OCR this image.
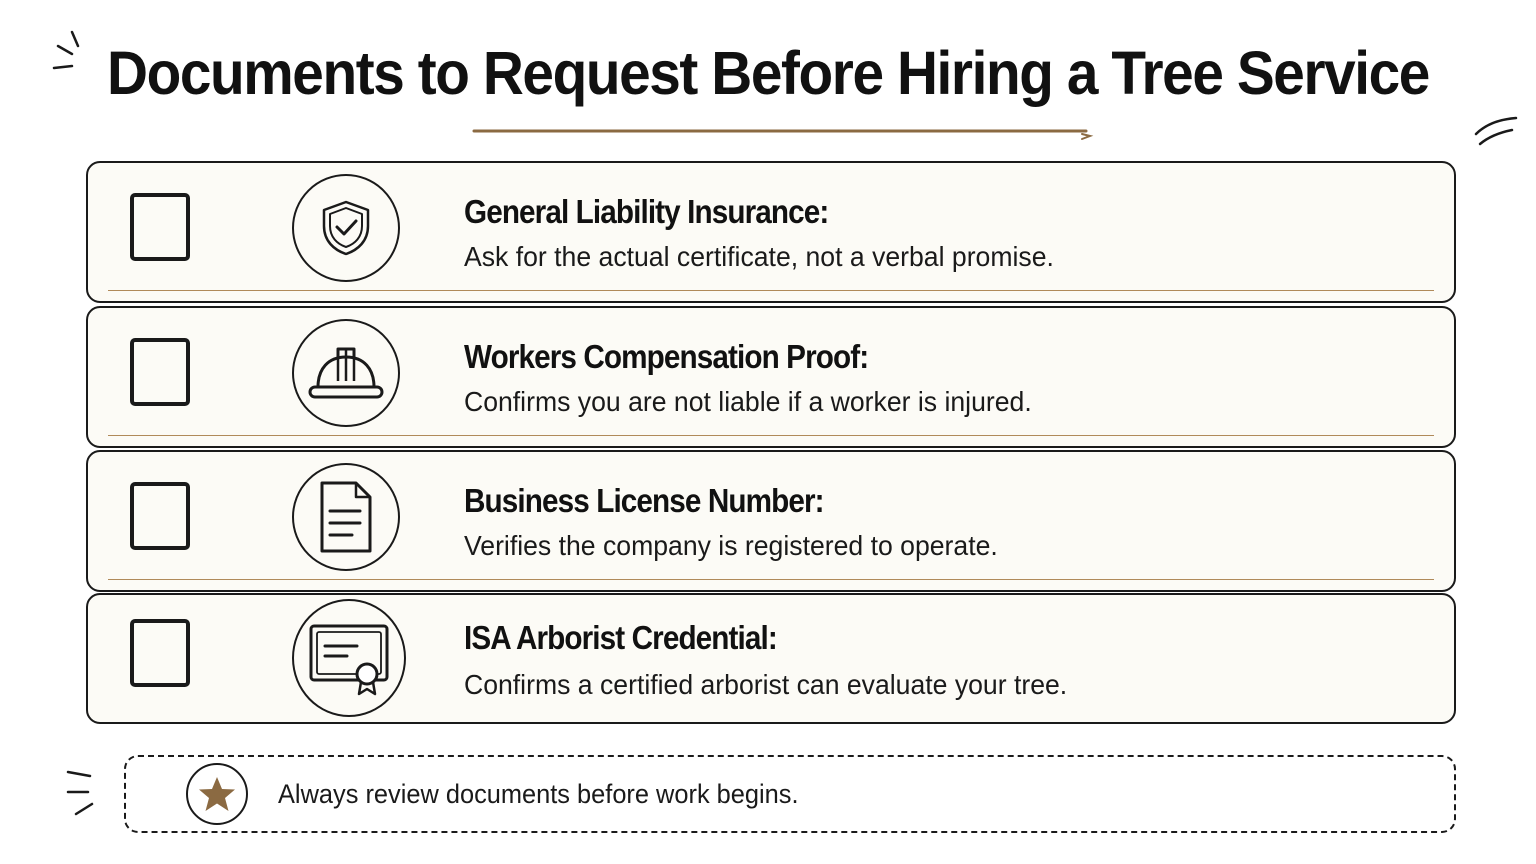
Documents to Request Before Hiring a Tree Service
General Liability Insurance:
Ask for the actual certificate, not a verbal promise.
Workers Compensation Proof:
Confirms you are not liable if a worker is injured.
Business License Number:
Verifies the company is registered to operate.
ISA Arborist Credential:
Confirms a certified arborist can evaluate your tree.
Always review documents before work begins.
